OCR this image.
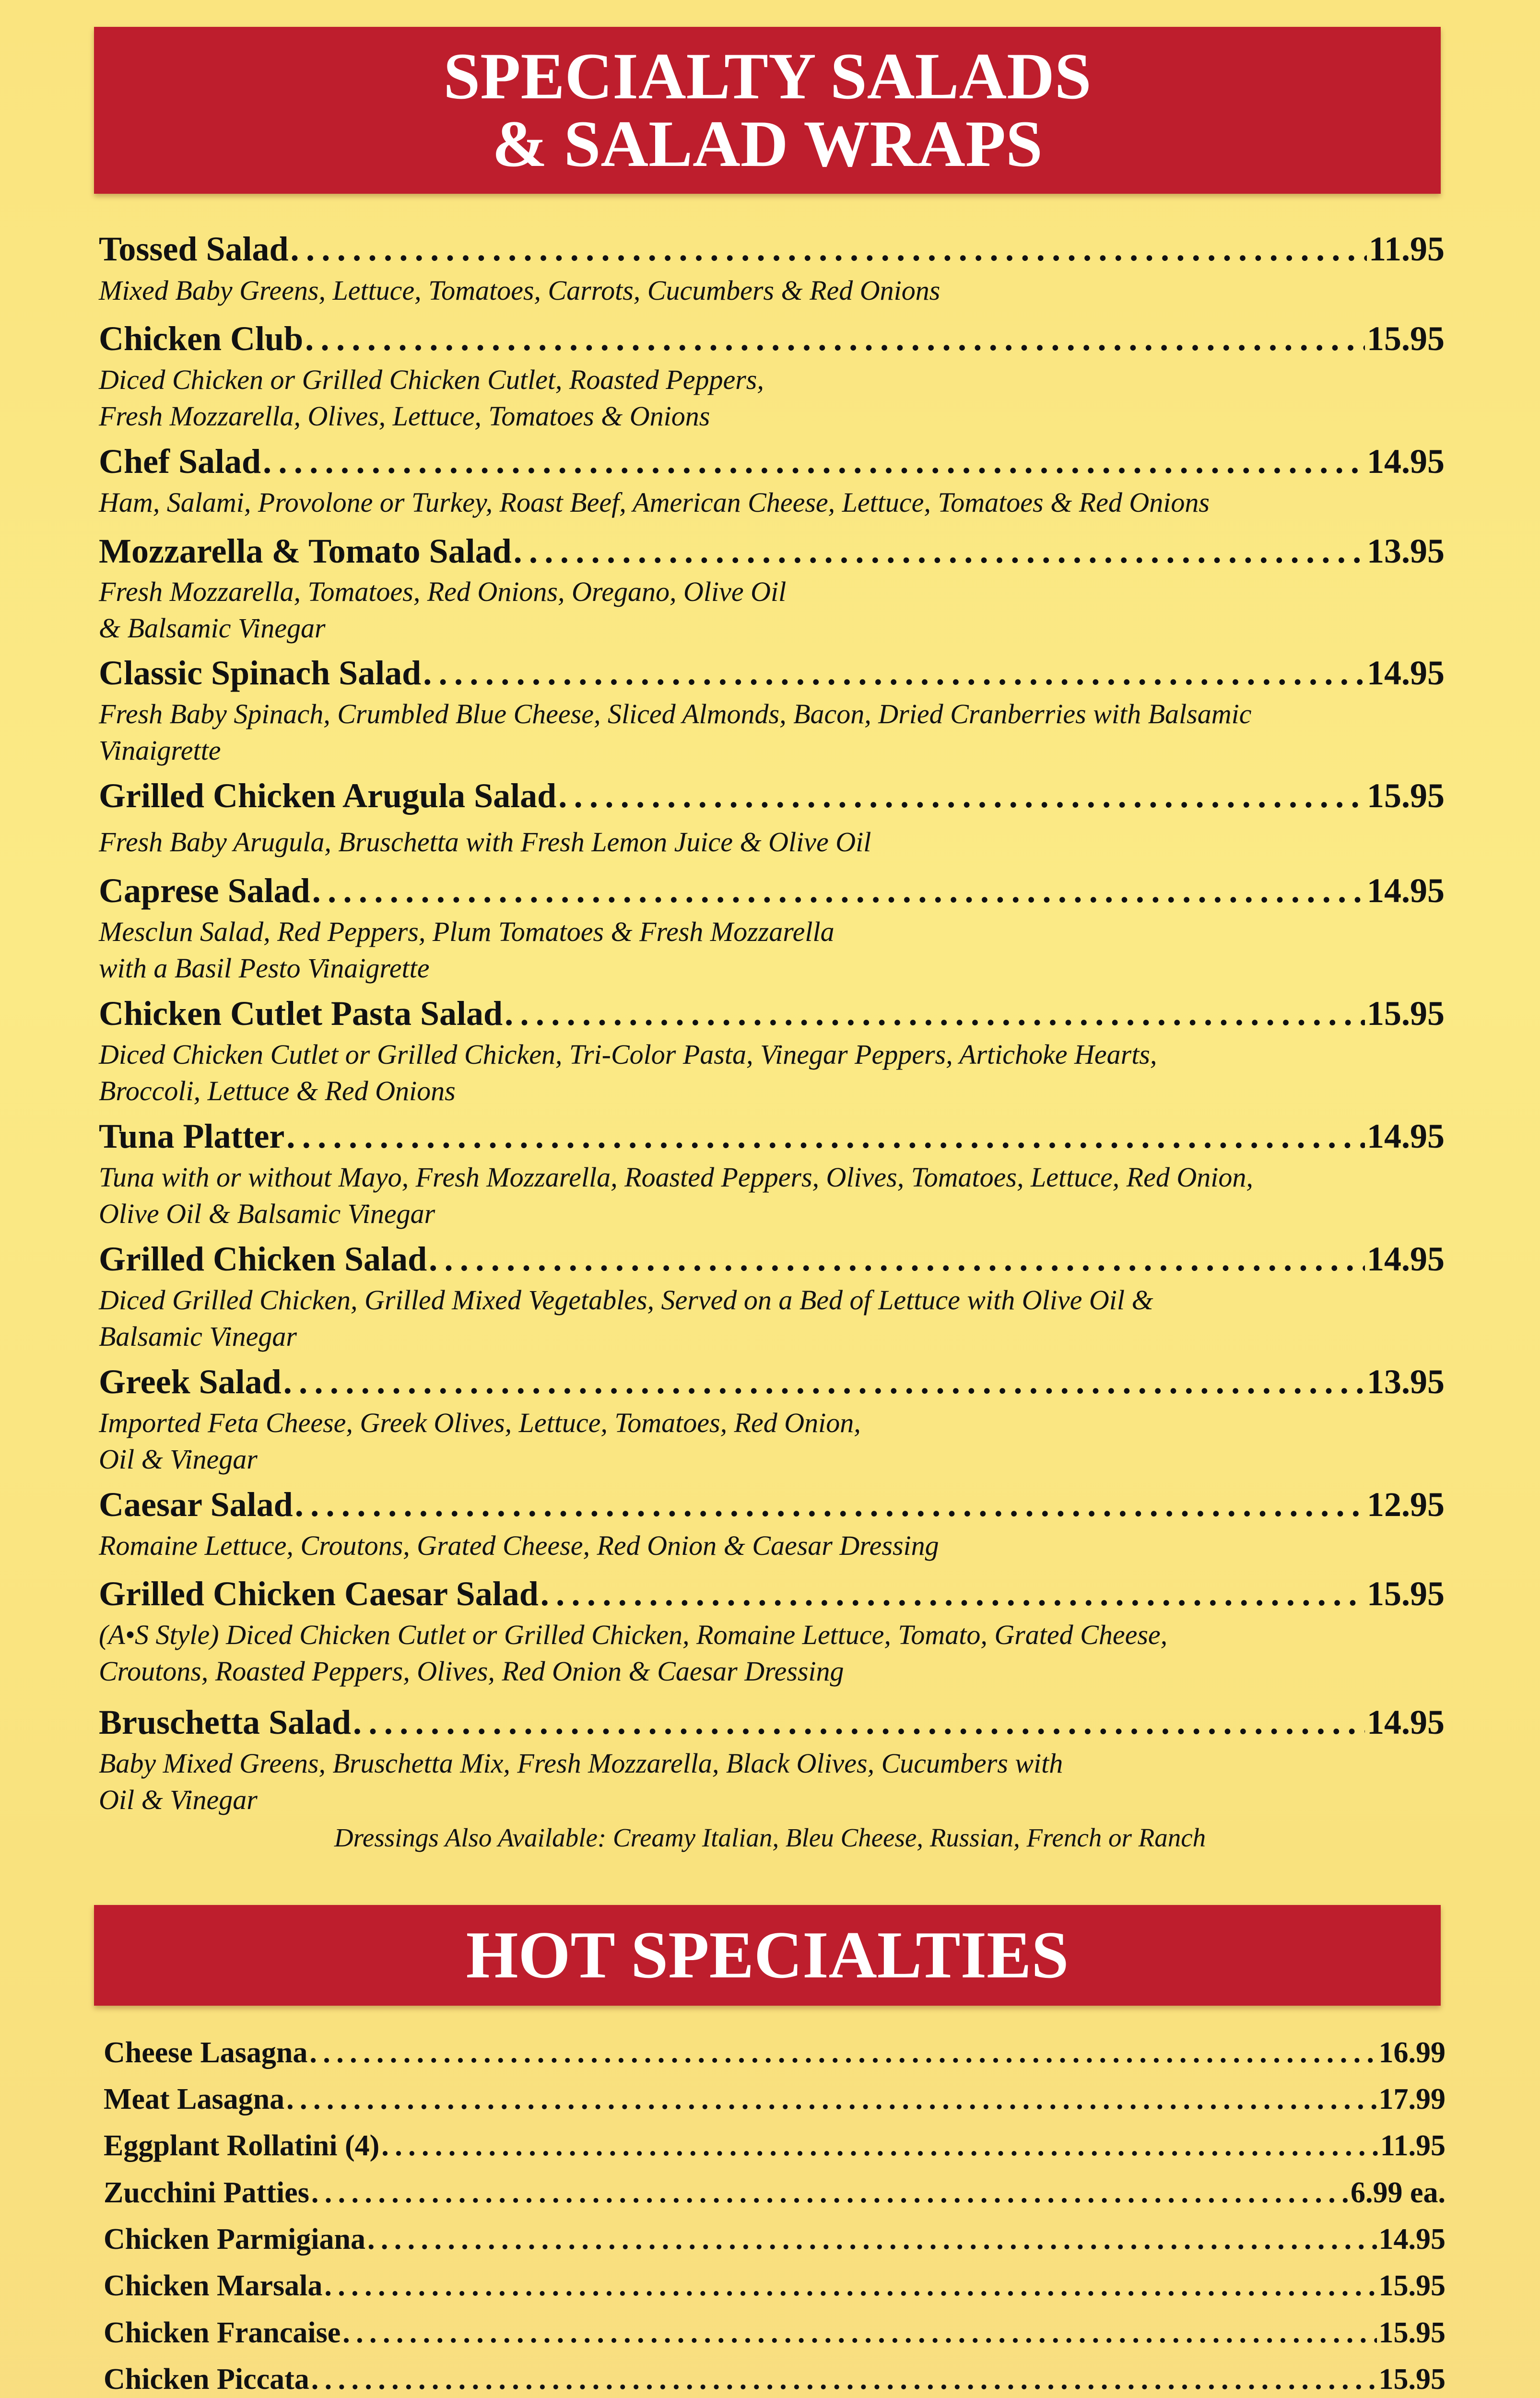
SPECIALTY SALADS
& SALAD WRAPS
Tossed Salad .....	11.95
Mixed Baby Greens, Lettuce, Tomatoes, Carrots, Cucumbers & Red Onions
Chicken Club .....	15.95
Diced Chicken or Grilled Chicken Cutlet, Roasted Peppers,
Fresh Mozzarella, Olives, Lettuce, Tomatoes & Onions
Chef Salad .....	14.95
Ham, Salami, Provolone or Turkey, Roast Beef, American Cheese, Lettuce, Tomatoes & Red Onions
Mozzarella & Tomato Salad .....	13.95
Fresh Mozzarella, Tomatoes, Red Onions, Oregano, Olive Oil
& Balsamic Vinegar
Classic Spinach Salad .....	14.95
Fresh Baby Spinach, Crumbled Blue Cheese, Sliced Almonds, Bacon, Dried Cranberries with Balsamic
Vinaigrette
Grilled Chicken Arugula Salad .....	15.95
Fresh Baby Arugula, Bruschetta with Fresh Lemon Juice & Olive Oil
Caprese Salad .....	14.95
Mesclun Salad, Red Peppers, Plum Tomatoes & Fresh Mozzarella
with a Basil Pesto Vinaigrette
Chicken Cutlet Pasta Salad .....	15.95
Diced Chicken Cutlet or Grilled Chicken, Tri-Color Pasta, Vinegar Peppers, Artichoke Hearts,
Broccoli, Lettuce & Red Onions
Tuna Platter .....	14.95
Tuna with or without Mayo, Fresh Mozzarella, Roasted Peppers, Olives, Tomatoes, Lettuce, Red Onion,
Olive Oil & Balsamic Vinegar
Grilled Chicken Salad .....	14.95
Diced Grilled Chicken, Grilled Mixed Vegetables, Served on a Bed of Lettuce with Olive Oil &
Balsamic Vinegar
Greek Salad .....	13.95
Imported Feta Cheese, Greek Olives, Lettuce, Tomatoes, Red Onion,
Oil & Vinegar
Caesar Salad .....	12.95
Romaine Lettuce, Croutons, Grated Cheese, Red Onion & Caesar Dressing
Grilled Chicken Caesar Salad .....	15.95
(A•S Style) Diced Chicken Cutlet or Grilled Chicken, Romaine Lettuce, Tomato, Grated Cheese,
Croutons, Roasted Peppers, Olives, Red Onion & Caesar Dressing
Bruschetta Salad .....	14.95
Baby Mixed Greens, Bruschetta Mix, Fresh Mozzarella, Black Olives, Cucumbers with
Oil & Vinegar
Dressings Also Available: Creamy Italian, Bleu Cheese, Russian, French or Ranch
HOT SPECIALTIES
Cheese Lasagna .....	16.99
Meat Lasagna .....	17.99
Eggplant Rollatini (4) .....	11.95
Zucchini Patties .....	6.99 ea.
Chicken Parmigiana .....	14.95
Chicken Marsala .....	15.95
Chicken Francaise .....	15.95
Chicken Piccata .....	15.95
